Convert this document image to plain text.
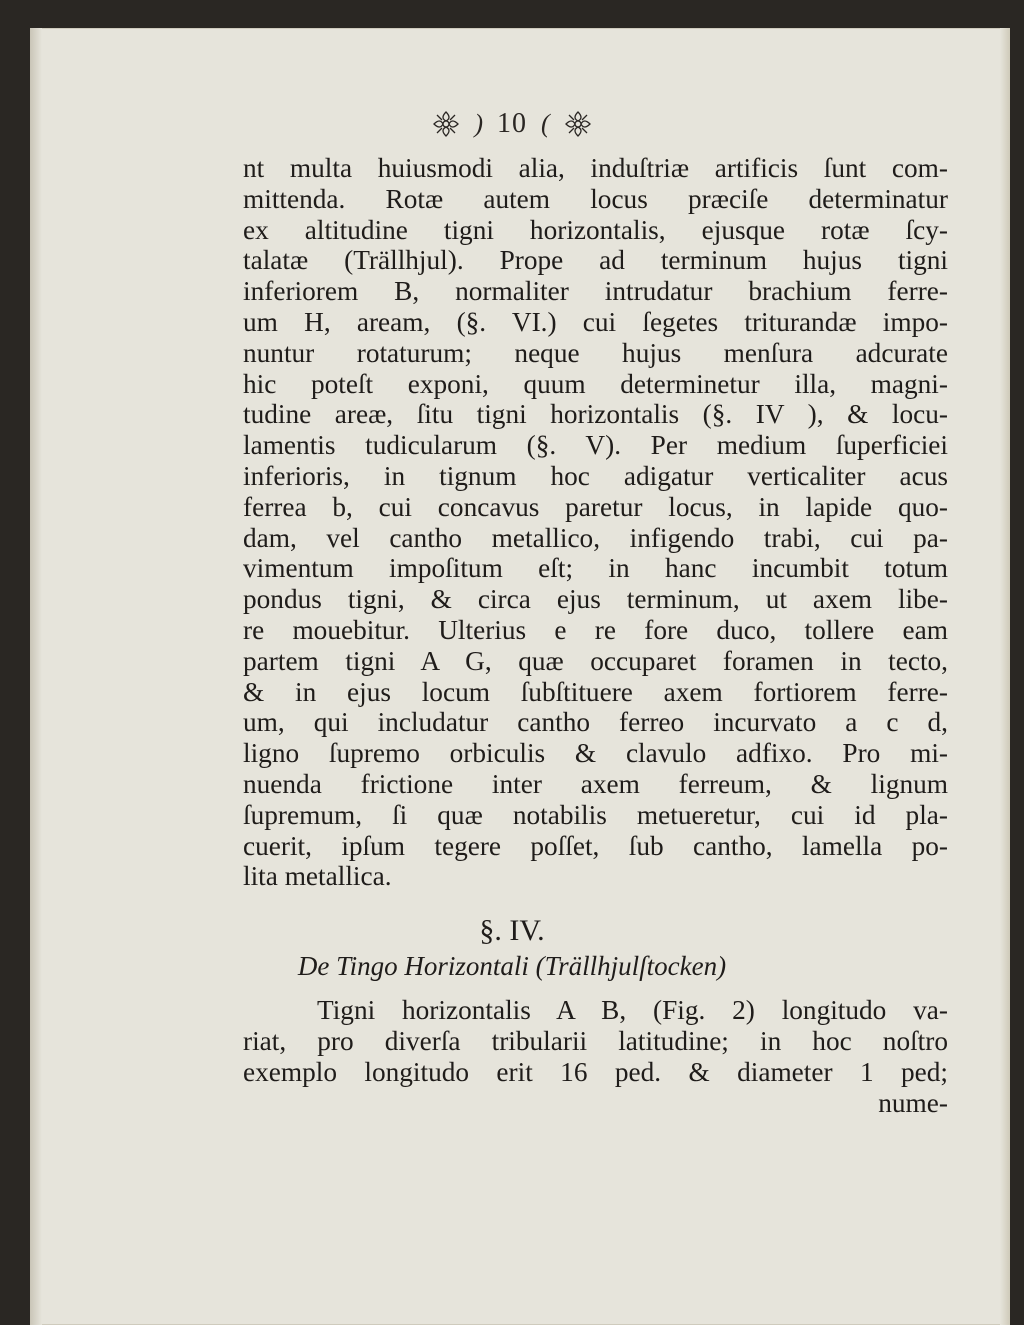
) 10 (
nt multa huiusmodi alia, induſtriæ artificis ſunt com-
mittenda. Rotæ autem locus præciſe determinatur
ex altitudine tigni horizontalis, ejusque rotæ ſcy-
talatæ (Trällhjul). Prope ad terminum hujus tigni
inferiorem B, normaliter intrudatur brachium ferre-
um H, aream, (§. VI.) cui ſegetes triturandæ impo-
nuntur rotaturum; neque hujus menſura adcurate
hic poteſt exponi, quum determinetur illa, magni-
tudine areæ, ſitu tigni horizontalis (§. IV ), & locu-
lamentis tudicularum (§. V). Per medium ſuperficiei
inferioris, in tignum hoc adigatur verticaliter acus
ferrea b, cui concavus paretur locus, in lapide quo-
dam, vel cantho metallico, infigendo trabi, cui pa-
vimentum impoſitum eſt; in hanc incumbit totum
pondus tigni, & circa ejus terminum, ut axem libe-
re mouebitur. Ulterius e re fore duco, tollere eam
partem tigni A G, quæ occuparet foramen in tecto,
& in ejus locum ſubſtituere axem fortiorem ferre-
um, qui includatur cantho ferreo incurvato a c d,
ligno ſupremo orbiculis & clavulo adfixo. Pro mi-
nuenda frictione inter axem ferreum, & lignum
ſupremum, ſi quæ notabilis metueretur, cui id pla-
cuerit, ipſum tegere poſſet, ſub cantho, lamella po-
lita metallica.
§. IV.
De Tingo Horizontali (Trällhjulſtocken)
Tigni horizontalis A B, (Fig. 2) longitudo va-
riat, pro diverſa tribularii latitudine; in hoc noſtro
exemplo longitudo erit 16 ped. & diameter 1 ped;
nume-
